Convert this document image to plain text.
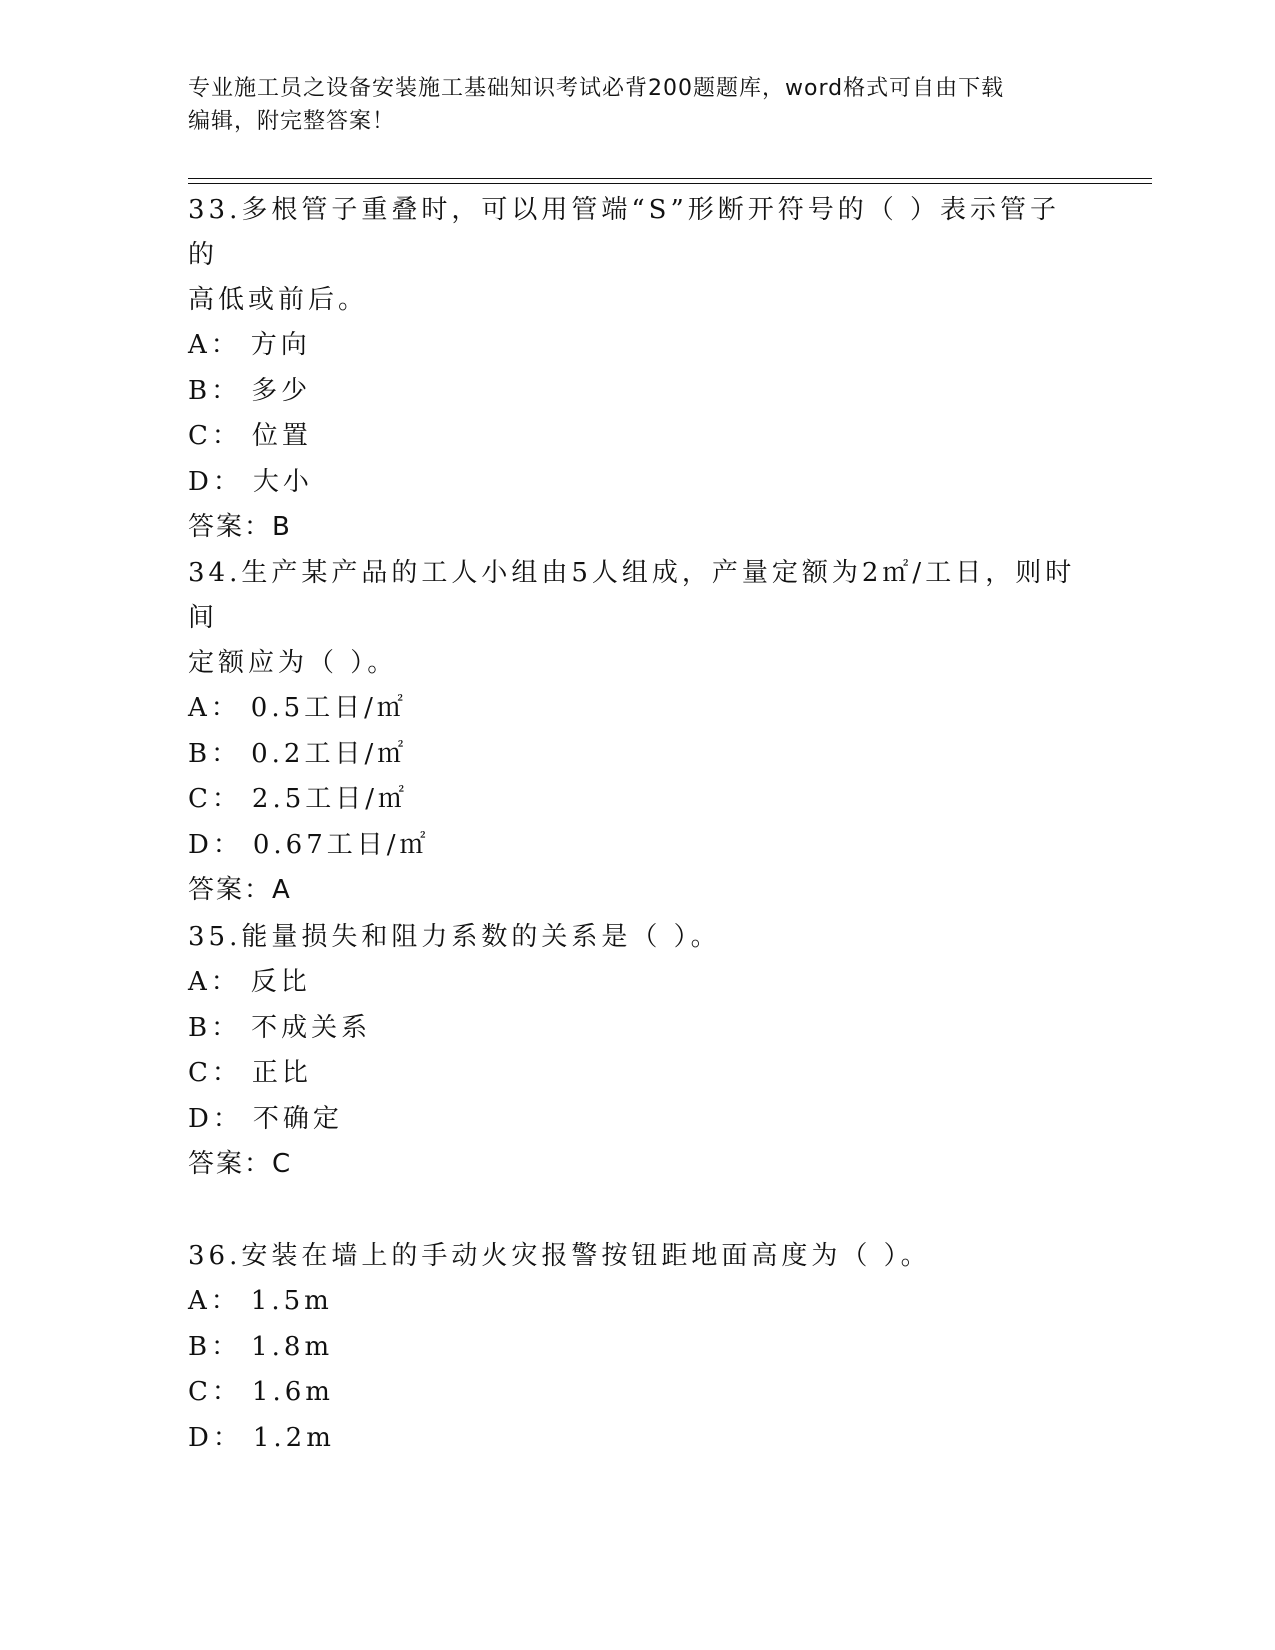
专业施工员之设备安装施工基础知识考试必背200题题库，word格式可自由下载
编辑，附完整答案！
33.多根管子重叠时，可以用管端“S”形断开符号的（ ）表示管子的
高低或前后。
A： 方向
B： 多少
C： 位置
D： 大小
答案：B
34.生产某产品的工人小组由5人组成，产量定额为2㎡/工日，则时间
定额应为（ ）。
A： 0.5工日/㎡
B： 0.2工日/㎡
C： 2.5工日/㎡
D： 0.67工日/㎡
答案：A
35.能量损失和阻力系数的关系是（ ）。
A： 反比
B： 不成关系
C： 正比
D： 不确定
答案：C
36.安装在墙上的手动火灾报警按钮距地面高度为（ ）。
A： 1.5m
B： 1.8m
C： 1.6m
D： 1.2m
